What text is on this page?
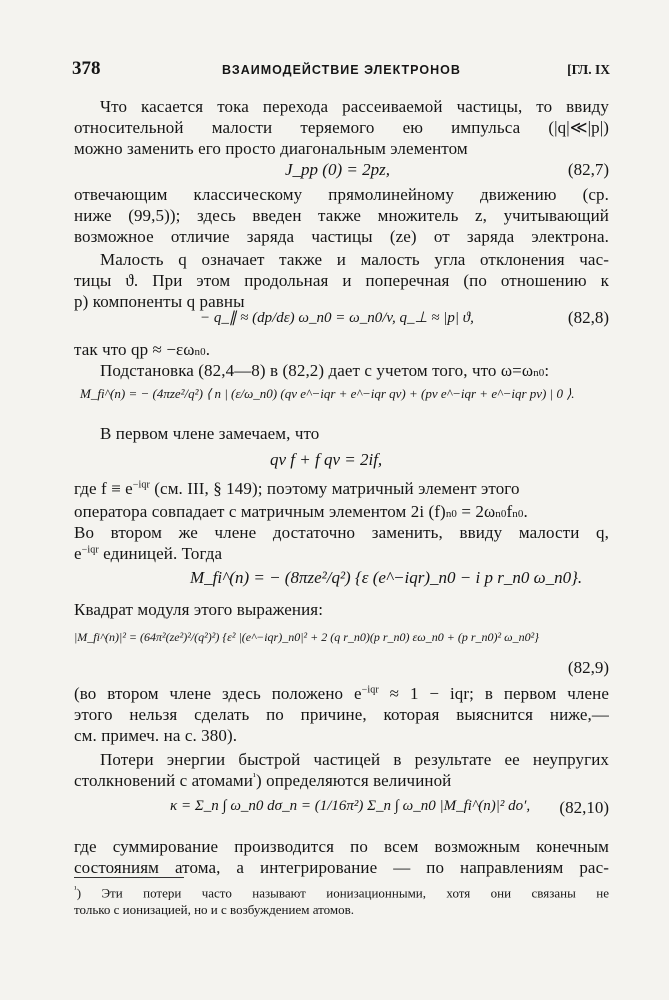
378	ВЗАИМОДЕЙСТВИЕ ЭЛЕКТРОНОВ	[ГЛ. IX
Что касается тока перехода рассеиваемой частицы, то ввиду
относительной малости теряемого ею импульса (|q|≪|p|)
можно заменить его просто диагональным элементом
J_pp (0) = 2pz,	(82,7)
отвечающим классическому прямолинейному движению (ср.
ниже (99,5)); здесь введен также множитель z, учитывающий
возможное отличие заряда частицы (ze) от заряда электрона.
Малость q означает также и малость угла отклонения час-
тицы ϑ. При этом продольная и поперечная (по отношению к
p) компоненты q равны
− q_∥ ≈ (dp/dε) ω_n0 = ω_n0/v, q_⊥ ≈ |p| ϑ,	(82,8)
так что qp ≈ −εωn0.
Подстановка (82,4—8) в (82,2) дает с учетом того, что ω=ωn0:
M_fi^(n) = − (4πze²/q²) ⟨ n | (ε/ω_n0) (qv e^−iqr + e^−iqr qv) + (pv e^−iqr + e^−iqr pv) | 0 ⟩.
В первом члене замечаем, что
qv f + f qv = 2if,
где $f \equiv e^{-iqr}$ (см. III, § 149); поэтому матричный элемент этого
оператора совпадает с матричным элементом 2i (f)n0 = 2ωn0fn0.
Во втором же члене достаточно заменить, ввиду малости q,
$e^{-iqr}$ единицей. Тогда
M_fi^(n) = − (8πze²/q²) {ε (e^−iqr)_n0 − i p r_n0 ω_n0}.
Квадрат модуля этого выражения:
|M_fi^(n)|² = (64π²(ze²)²/(q²)²) {ε² |(e^−iqr)_n0|² + 2 (q r_n0)(p r_n0) εω_n0 + (p r_n0)² ω_n0²}
(82,9)
(во втором члене здесь положено $e^{-iqr} \approx 1$ − iqr; в первом члене
этого нельзя сделать по причине, которая выяснится ниже,—
см. примеч. на с. 380).
Потери энергии быстрой частицей в результате ее неупругих
столкновений с атомами$^{^1}$) определяются величиной
κ = Σ_n ∫ ω_n0 dσ_n = (1/16π²) Σ_n ∫ ω_n0 |M_fi^(n)|² do′, (82,10)
где суммирование производится по всем возможным конечным
состояниям атома, а интегрирование — по направлениям рас-
$^{^1}$) Эти потери часто называют ионизационными, хотя они связаны не
только с ионизацией, но и с возбуждением атомов.
